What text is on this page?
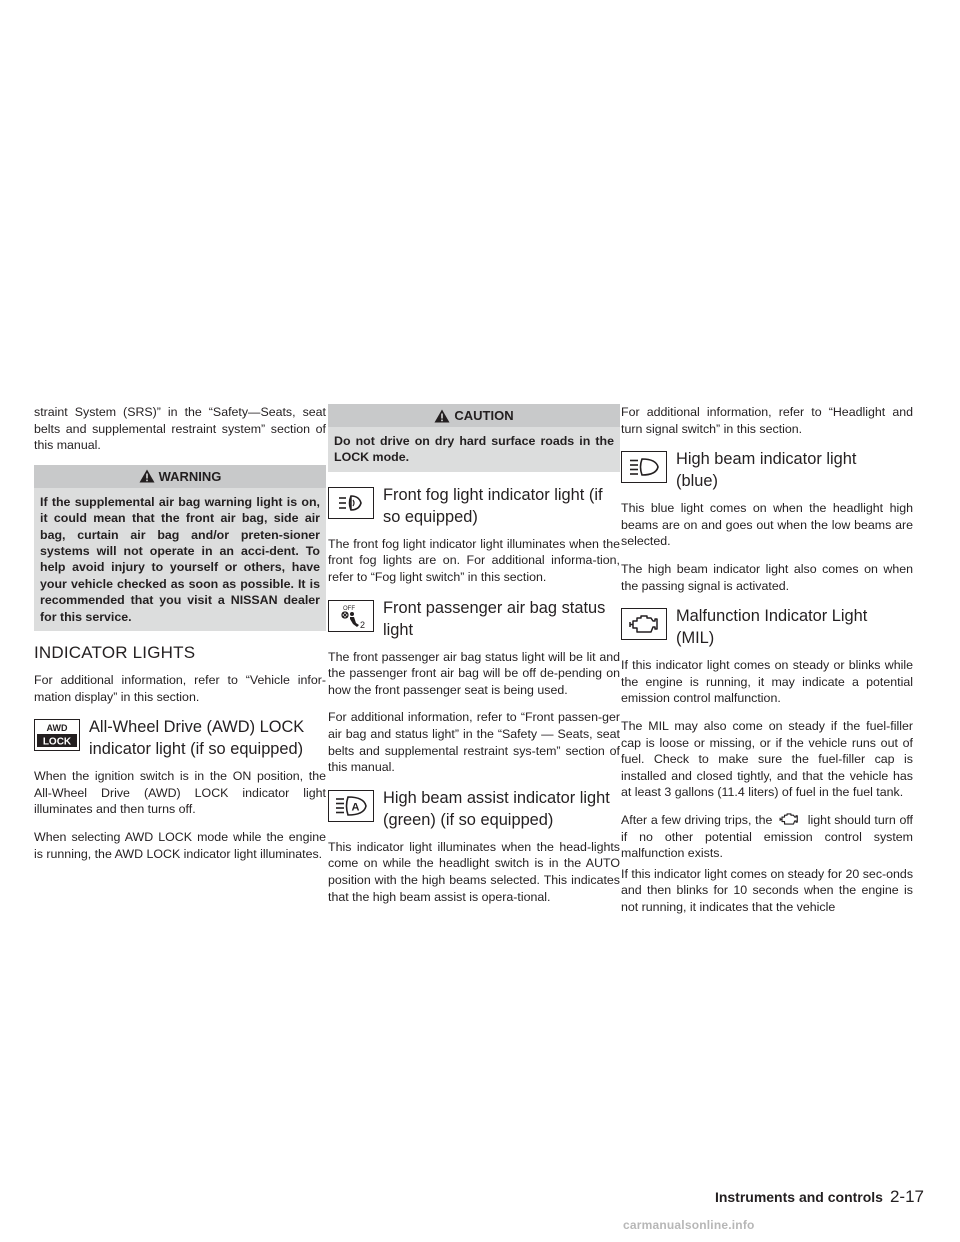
straint System (SRS)” in the “Safety—Seats, seat belts and supplemental restraint system” section of this manual.

WARNING
If the supplemental air bag warning light is on, it could mean that the front air bag, side air bag, curtain air bag and/or preten-sioner systems will not operate in an acci-dent. To help avoid injury to yourself or others, have your vehicle checked as soon as possible. It is recommended that you visit a NISSAN dealer for this service.
INDICATOR LIGHTS

For additional information, refer to “Vehicle infor-mation display” in this section.

AWD
LOCK
All-Wheel Drive (AWD) LOCK
indicator light (if so equipped)

When the ignition switch is in the ON position, the All-Wheel Drive (AWD) LOCK indicator light illuminates and then turns off.

When selecting AWD LOCK mode while the engine is running, the AWD LOCK indicator light illuminates.

CAUTION
Do not drive on dry hard surface roads in the LOCK mode.
Front fog light indicator light (if
so equipped)

The front fog light indicator light illuminates when the front fog lights are on. For additional informa-tion, refer to “Fog light switch” in this section.

OFF
2
Front passenger air bag status
light

The front passenger air bag status light will be lit and the passenger front air bag will be off de-pending on how the front passenger seat is being used.

For additional information, refer to “Front passen-ger air bag and status light” in the “Safety — Seats, seat belts and supplemental restraint sys-tem” section of this manual.

A
High beam assist indicator light
(green) (if so equipped)

This indicator light illuminates when the head-lights come on while the headlight switch is in the AUTO position with the high beams selected. This indicates that the high beam assist is opera-tional.

For additional information, refer to “Headlight and turn signal switch” in this section.

High beam indicator light
(blue)

This blue light comes on when the headlight high beams are on and goes out when the low beams are selected.

The high beam indicator light also comes on when the passing signal is activated.

Malfunction Indicator Light
(MIL)

If this indicator light comes on steady or blinks while the engine is running, it may indicate a potential emission control malfunction.

The MIL may also come on steady if the fuel-filler cap is loose or missing, or if the vehicle runs out of fuel. Check to make sure the fuel-filler cap is installed and closed tightly, and that the vehicle has at least 3 gallons (11.4 liters) of fuel in the fuel tank.

After a few driving trips, the	light should turn off if no other potential emission control system malfunction exists.

If this indicator light comes on steady for 20 sec-onds and then blinks for 10 seconds when the engine is not running, it indicates that the vehicle

Instruments and controls 2-17
carmanualsonline.info
